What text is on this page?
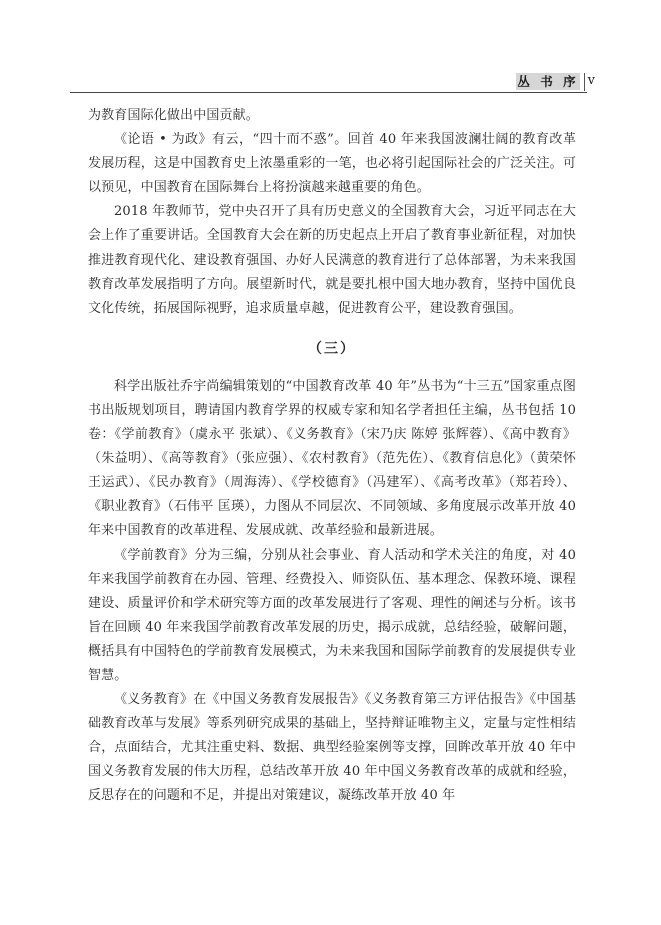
丛 书 序 v

为教育国际化做出中国贡献。

《论语 • 为政》有云，“四十而不惑”。回首 40 年来我国波澜壮阔的教育改革发展历程，这是中国教育史上浓墨重彩的一笔，也必将引起国际社会的广泛关注。可以预见，中国教育在国际舞台上将扮演越来越重要的角色。

2018 年教师节，党中央召开了具有历史意义的全国教育大会，习近平同志在大会上作了重要讲话。全国教育大会在新的历史起点上开启了教育事业新征程，对加快推进教育现代化、建设教育强国、办好人民满意的教育进行了总体部署，为未来我国教育改革发展指明了方向。展望新时代，就是要扎根中国大地办教育，坚持中国优良文化传统，拓展国际视野，追求质量卓越，促进教育公平，建设教育强国。

（三）

科学出版社乔宇尚编辑策划的“中国教育改革 40 年”丛书为“十三五”国家重点图书出版规划项目，聘请国内教育学界的权威专家和知名学者担任主编，丛书包括 10 卷：《学前教育》（虞永平 张斌）、《义务教育》（宋乃庆 陈婷 张辉蓉）、《高中教育》（朱益明）、《高等教育》（张应强）、《农村教育》（范先佐）、《教育信息化》（黄荣怀 王运武）、《民办教育》（周海涛）、《学校德育》（冯建军）、《高考改革》（郑若玲）、《职业教育》（石伟平 匡瑛），力图从不同层次、不同领域、多角度展示改革开放 40 年来中国教育的改革进程、发展成就、改革经验和最新进展。

《学前教育》分为三编，分别从社会事业、育人活动和学术关注的角度，对 40 年来我国学前教育在办园、管理、经费投入、师资队伍、基本理念、保教环境、课程建设、质量评价和学术研究等方面的改革发展进行了客观、理性的阐述与分析。该书旨在回顾 40 年来我国学前教育改革发展的历史，揭示成就，总结经验，破解问题，概括具有中国特色的学前教育发展模式，为未来我国和国际学前教育的发展提供专业智慧。

《义务教育》在《中国义务教育发展报告》《义务教育第三方评估报告》《中国基础教育改革与发展》等系列研究成果的基础上，坚持辩证唯物主义，定量与定性相结合，点面结合，尤其注重史料、数据、典型经验案例等支撑，回眸改革开放 40 年中国义务教育发展的伟大历程，总结改革开放 40 年中国义务教育改革的成就和经验，反思存在的问题和不足，并提出对策建议，凝练改革开放 40 年
